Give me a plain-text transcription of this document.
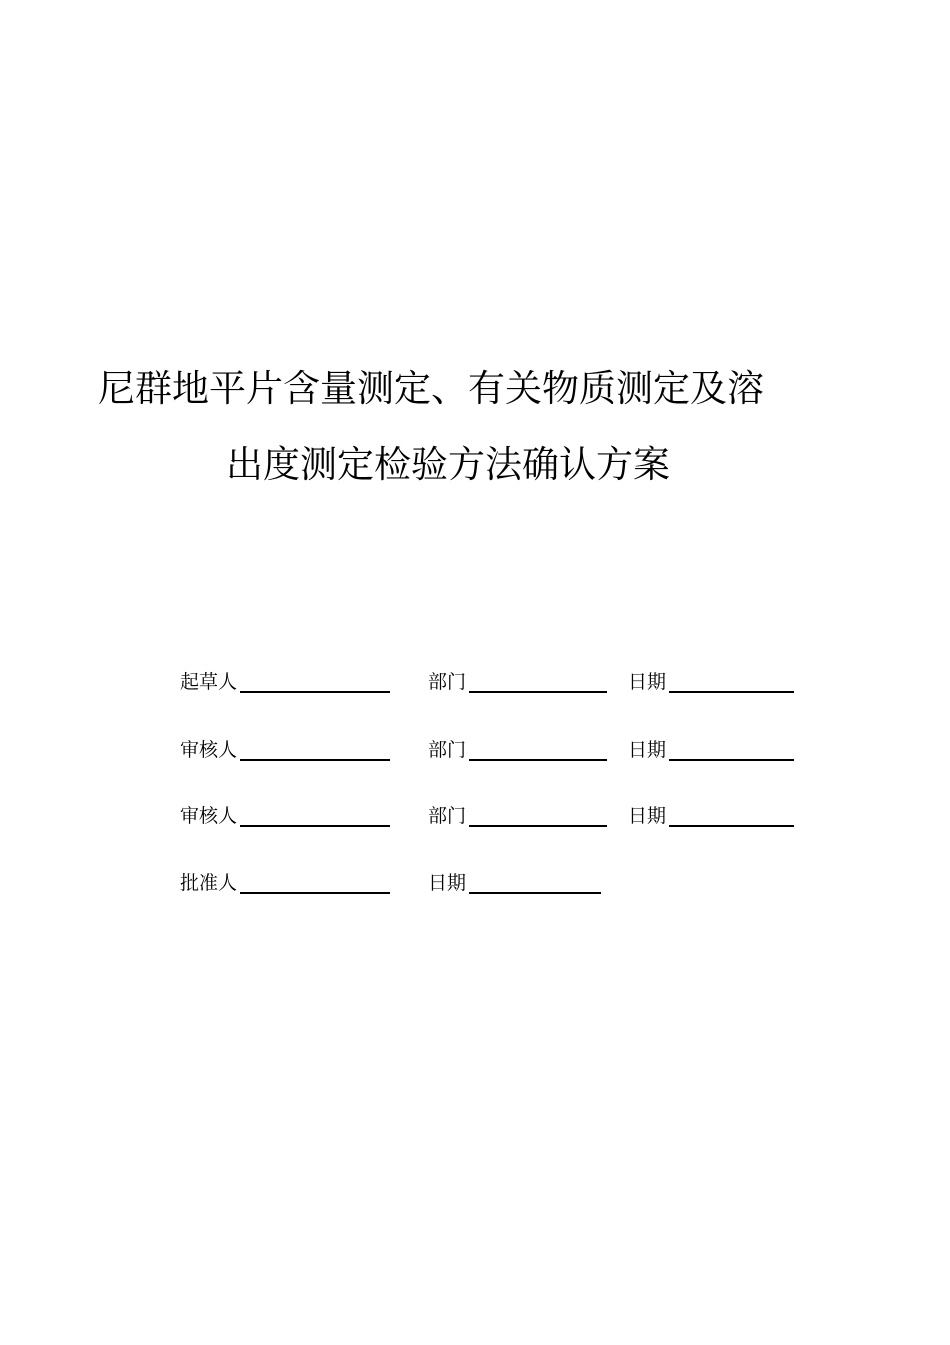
尼群地平片含量测定、有关物质测定及溶
出度测定检验方法确认方案
起草人	部门	日期
审核人	部门	日期
审核人	部门	日期
批准人	日期
